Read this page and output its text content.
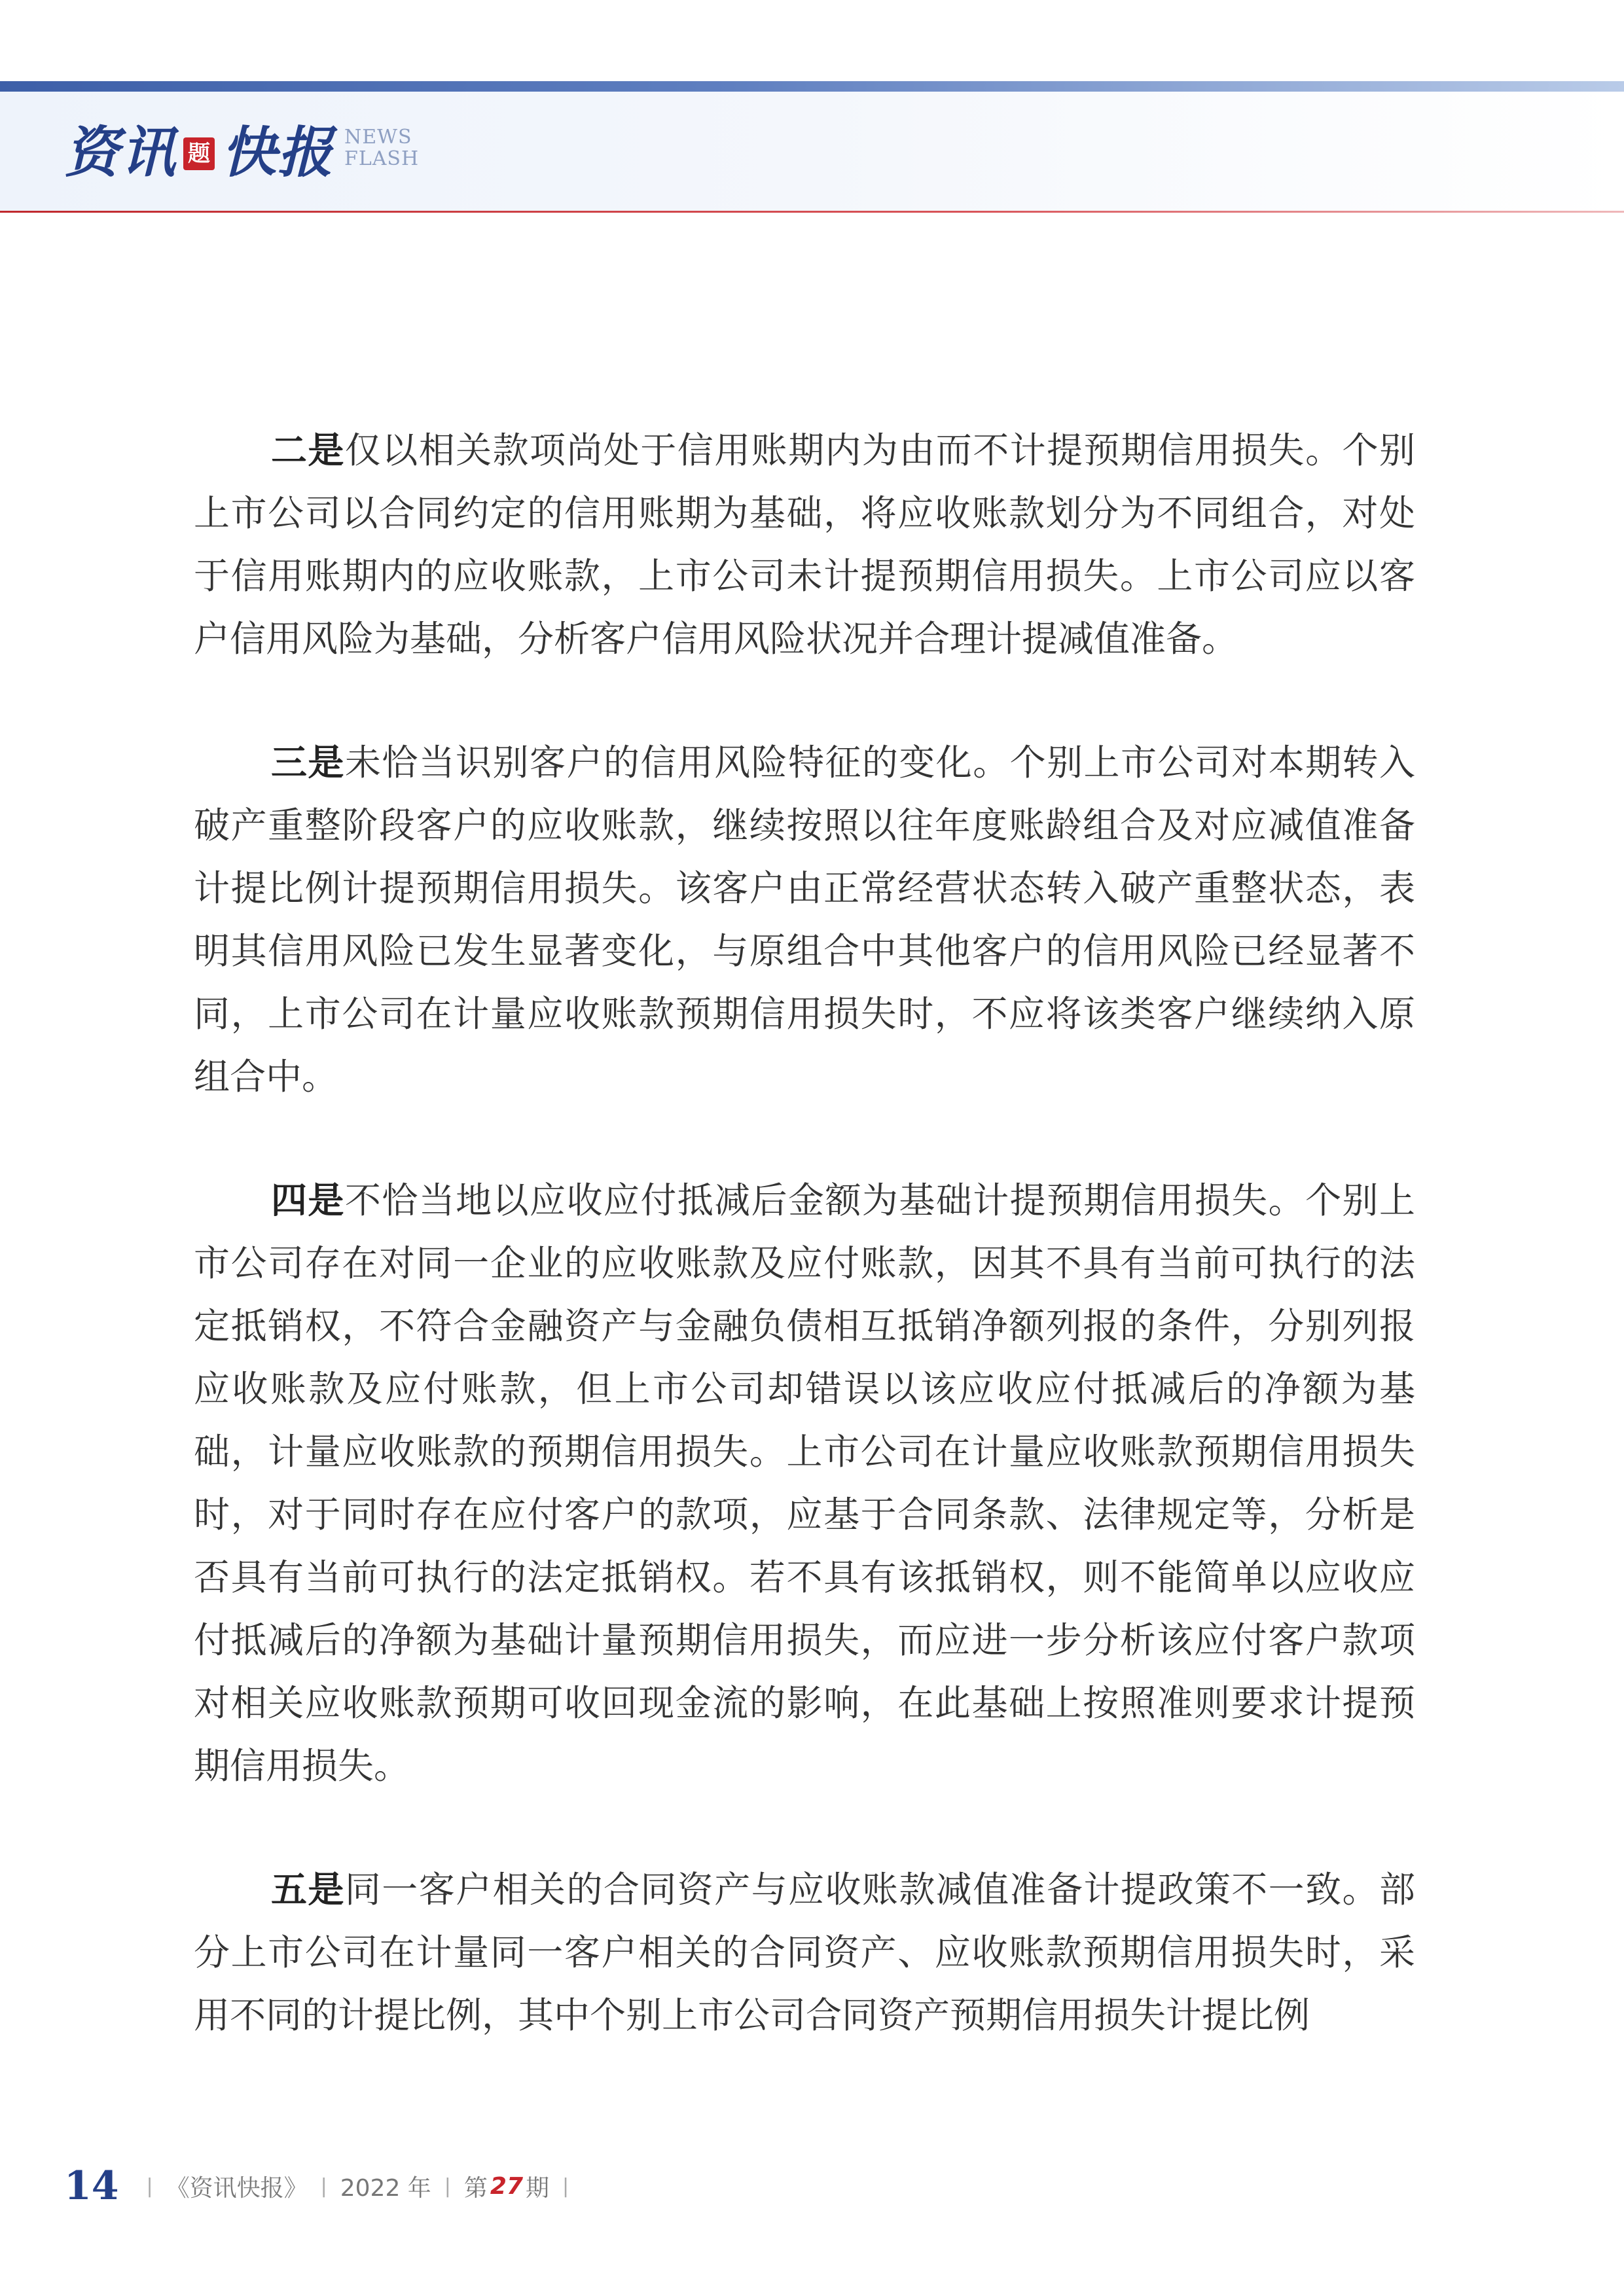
资讯 题 快报 NEWS
FLASH

二是仅以相关款项尚处于信用账期内为由而不计提预期信用损失。个别上市公司以合同约定的信用账期为基础，将应收账款划分为不同组合，对处于信用账期内的应收账款，上市公司未计提预期信用损失。上市公司应以客户信用风险为基础，分析客户信用风险状况并合理计提减值准备。

三是未恰当识别客户的信用风险特征的变化。个别上市公司对本期转入破产重整阶段客户的应收账款，继续按照以往年度账龄组合及对应减值准备计提比例计提预期信用损失。该客户由正常经营状态转入破产重整状态，表明其信用风险已发生显著变化，与原组合中其他客户的信用风险已经显著不同，上市公司在计量应收账款预期信用损失时，不应将该类客户继续纳入原组合中。

四是不恰当地以应收应付抵减后金额为基础计提预期信用损失。个别上市公司存在对同一企业的应收账款及应付账款，因其不具有当前可执行的法定抵销权，不符合金融资产与金融负债相互抵销净额列报的条件，分别列报应收账款及应付账款，但上市公司却错误以该应收应付抵减后的净额为基础，计量应收账款的预期信用损失。上市公司在计量应收账款预期信用损失时，对于同时存在应付客户的款项，应基于合同条款、法律规定等，分析是否具有当前可执行的法定抵销权。若不具有该抵销权，则不能简单以应收应付抵减后的净额为基础计量预期信用损失，而应进一步分析该应付客户款项对相关应收账款预期可收回现金流的影响，在此基础上按照准则要求计提预期信用损失。

五是同一客户相关的合同资产与应收账款减值准备计提政策不一致。部分上市公司在计量同一客户相关的合同资产、应收账款预期信用损失时，采用不同的计提比例，其中个别上市公司合同资产预期信用损失计提比例

14 | 《资讯快报》 | 2022 年 | 第 27 期 |
